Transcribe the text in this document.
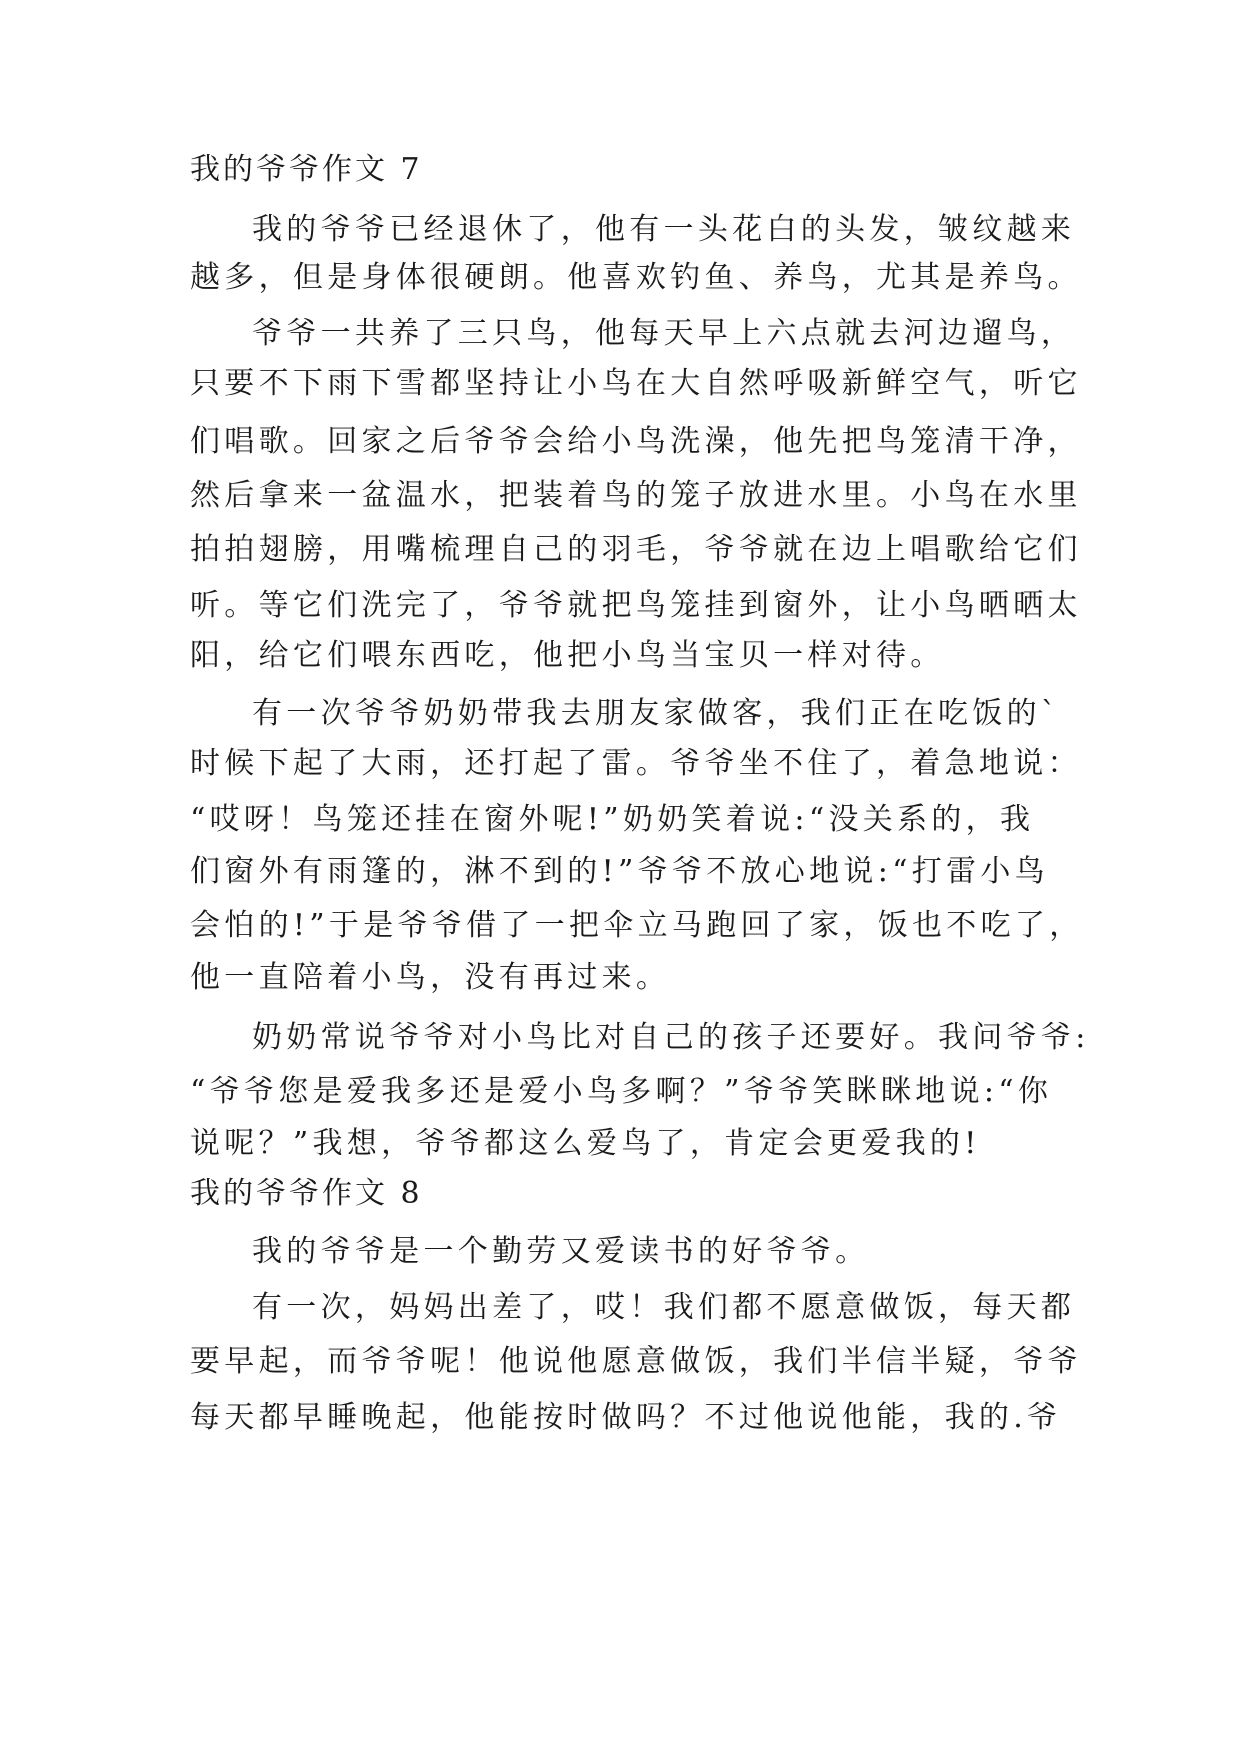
我的爷爷作文 7
我的爷爷已经退休了，他有一头花白的头发，皱纹越来
越多，但是身体很硬朗。他喜欢钓鱼、养鸟，尤其是养鸟。
爷爷一共养了三只鸟，他每天早上六点就去河边遛鸟，
只要不下雨下雪都坚持让小鸟在大自然呼吸新鲜空气，听它
们唱歌。回家之后爷爷会给小鸟洗澡，他先把鸟笼清干净，
然后拿来一盆温水，把装着鸟的笼子放进水里。小鸟在水里
拍拍翅膀，用嘴梳理自己的羽毛，爷爷就在边上唱歌给它们
听。等它们洗完了，爷爷就把鸟笼挂到窗外，让小鸟晒晒太
阳，给它们喂东西吃，他把小鸟当宝贝一样对待。
有一次爷爷奶奶带我去朋友家做客，我们正在吃饭的`
时候下起了大雨，还打起了雷。爷爷坐不住了，着急地说：
“哎呀！鸟笼还挂在窗外呢!”奶奶笑着说:“没关系的，我
们窗外有雨篷的，淋不到的!”爷爷不放心地说:“打雷小鸟
会怕的!”于是爷爷借了一把伞立马跑回了家，饭也不吃了，
他一直陪着小鸟，没有再过来。
奶奶常说爷爷对小鸟比对自己的孩子还要好。我问爷爷:
“爷爷您是爱我多还是爱小鸟多啊？”爷爷笑眯眯地说:“你
说呢？”我想，爷爷都这么爱鸟了，肯定会更爱我的!
我的爷爷作文 8
我的爷爷是一个勤劳又爱读书的好爷爷。
有一次，妈妈出差了，哎！我们都不愿意做饭，每天都
要早起，而爷爷呢！他说他愿意做饭，我们半信半疑，爷爷
每天都早睡晚起，他能按时做吗？不过他说他能，我的.爷
